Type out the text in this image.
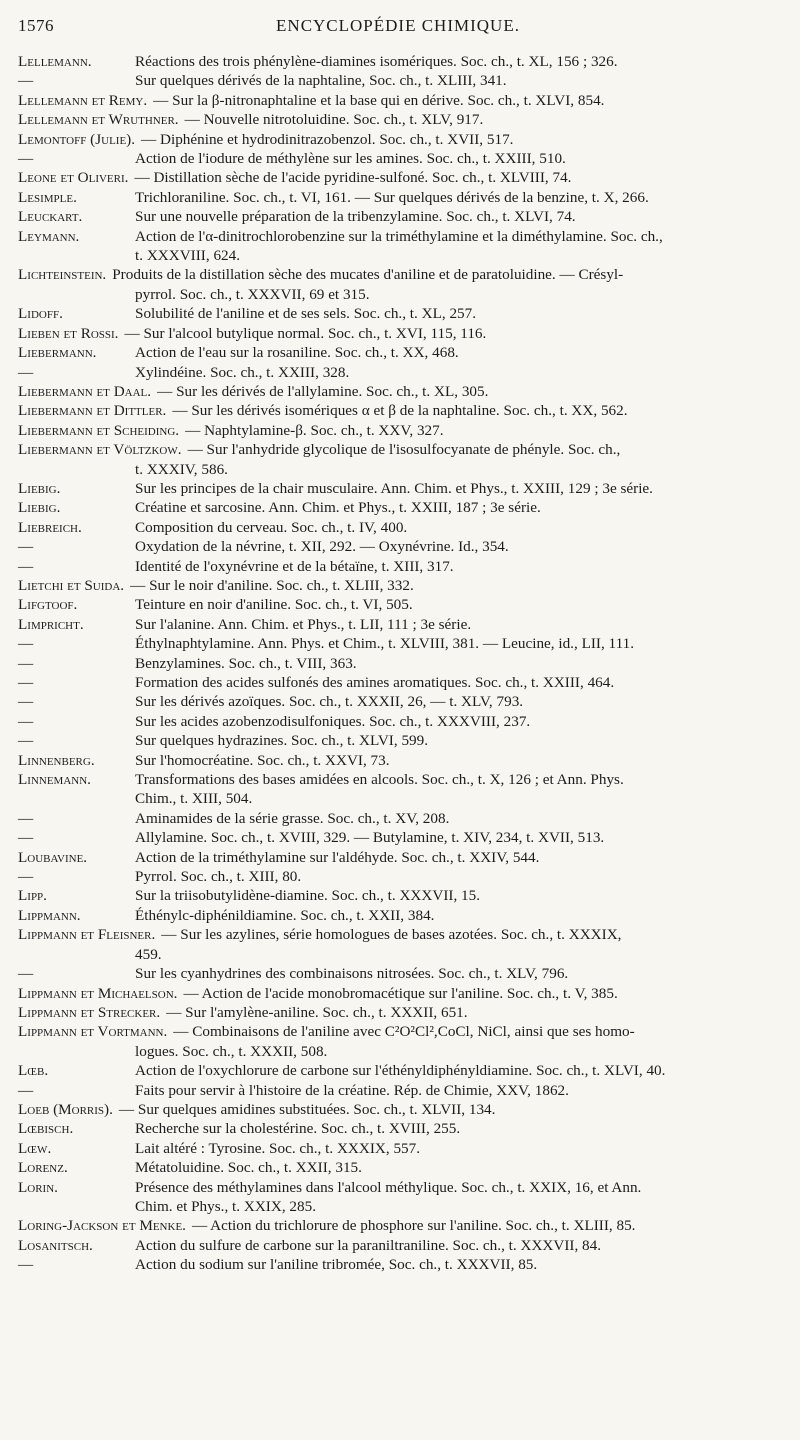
1576	ENCYCLOPÉDIE CHIMIQUE.
Lellemann.	Réactions des trois phénylène-diamines isomériques. Soc. ch., t. XL, 156 ; 326.
—	Sur quelques dérivés de la naphtaline, Soc. ch., t. XLIII, 341.
Lellemann et Remy. — Sur la β-nitronaphtaline et la base qui en dérive. Soc. ch., t. XLVI, 854.
Lellemann et Wruthner. — Nouvelle nitrotoluidine. Soc. ch., t. XLV, 917.
Lemontoff (Julie). — Diphénine et hydrodinitrazobenzol. Soc. ch., t. XVII, 517.
—	Action de l'iodure de méthylène sur les amines. Soc. ch., t. XXIII, 510.
Leone et Oliveri. — Distillation sèche de l'acide pyridine-sulfoné. Soc. ch., t. XLVIII, 74.
Lesimple.	Trichloraniline. Soc. ch., t. VI, 161. — Sur quelques dérivés de la benzine, t. X, 266.
Leuckart.	Sur une nouvelle préparation de la tribenzylamine. Soc. ch., t. XLVI, 74.
Leymann.	Action de l'α-dinitrochlorobenzine sur la triméthylamine et la diméthylamine. Soc. ch.,
t. XXXVIII, 624.
Lichteinstein. Produits de la distillation sèche des mucates d'aniline et de paratoluidine. — Crésyl-
pyrrol. Soc. ch., t. XXXVII, 69 et 315.
Lidoff.	Solubilité de l'aniline et de ses sels. Soc. ch., t. XL, 257.
Lieben et Rossi. — Sur l'alcool butylique normal. Soc. ch., t. XVI, 115, 116.
Liebermann.	Action de l'eau sur la rosaniline. Soc. ch., t. XX, 468.
—	Xylindéine. Soc. ch., t. XXIII, 328.
Liebermann et Daal. — Sur les dérivés de l'allylamine. Soc. ch., t. XL, 305.
Liebermann et Dittler. — Sur les dérivés isomériques α et β de la naphtaline. Soc. ch., t. XX, 562.
Liebermann et Scheiding. — Naphtylamine-β. Soc. ch., t. XXV, 327.
Liebermann et Völtzkow. — Sur l'anhydride glycolique de l'isosulfocyanate de phényle. Soc. ch.,
t. XXXIV, 586.
Liebig.	Sur les principes de la chair musculaire. Ann. Chim. et Phys., t. XXIII, 129 ; 3e série.
Liebig.	Créatine et sarcosine. Ann. Chim. et Phys., t. XXIII, 187 ; 3e série.
Liebreich.	Composition du cerveau. Soc. ch., t. IV, 400.
—	Oxydation de la névrine, t. XII, 292. — Oxynévrine. Id., 354.
—	Identité de l'oxynévrine et de la bétaïne, t. XIII, 317.
Lietchi et Suida. — Sur le noir d'aniline. Soc. ch., t. XLIII, 332.
Lifgtoof.	Teinture en noir d'aniline. Soc. ch., t. VI, 505.
Limpricht.	Sur l'alanine. Ann. Chim. et Phys., t. LII, 111 ; 3e série.
—	Éthylnaphtylamine. Ann. Phys. et Chim., t. XLVIII, 381. — Leucine, id., LII, 111.
—	Benzylamines. Soc. ch., t. VIII, 363.
—	Formation des acides sulfonés des amines aromatiques. Soc. ch., t. XXIII, 464.
—	Sur les dérivés azoïques. Soc. ch., t. XXXII, 26, — t. XLV, 793.
—	Sur les acides azobenzodisulfoniques. Soc. ch., t. XXXVIII, 237.
—	Sur quelques hydrazines. Soc. ch., t. XLVI, 599.
Linnenberg.	Sur l'homocréatine. Soc. ch., t. XXVI, 73.
Linnemann.	Transformations des bases amidées en alcools. Soc. ch., t. X, 126 ; et Ann. Phys.
Chim., t. XIII, 504.
—	Aminamides de la série grasse. Soc. ch., t. XV, 208.
—	Allylamine. Soc. ch., t. XVIII, 329. — Butylamine, t. XIV, 234, t. XVII, 513.
Loubavine.	Action de la triméthylamine sur l'aldéhyde. Soc. ch., t. XXIV, 544.
—	Pyrrol. Soc. ch., t. XIII, 80.
Lipp.	Sur la triisobutylidène-diamine. Soc. ch., t. XXXVII, 15.
Lippmann.	Éthénylc-diphénildiamine. Soc. ch., t. XXII, 384.
Lippmann et Fleisner. — Sur les azylines, série homologues de bases azotées. Soc. ch., t. XXXIX,
459.
—	Sur les cyanhydrines des combinaisons nitrosées. Soc. ch., t. XLV, 796.
Lippmann et Michaelson. — Action de l'acide monobromacétique sur l'aniline. Soc. ch., t. V, 385.
Lippmann et Strecker. — Sur l'amylène-aniline. Soc. ch., t. XXXII, 651.
Lippmann et Vortmann. — Combinaisons de l'aniline avec C²O²Cl²,CoCl, NiCl, ainsi que ses homo-
logues. Soc. ch., t. XXXII, 508.
Lœb.	Action de l'oxychlorure de carbone sur l'éthényldiphényldiamine. Soc. ch., t. XLVI, 40.
—	Faits pour servir à l'histoire de la créatine. Rép. de Chimie, XXV, 1862.
Loeb (Morris). — Sur quelques amidines substituées. Soc. ch., t. XLVII, 134.
Lœbisch.	Recherche sur la cholestérine. Soc. ch., t. XVIII, 255.
Lœw.	Lait altéré : Tyrosine. Soc. ch., t. XXXIX, 557.
Lorenz.	Métatoluidine. Soc. ch., t. XXII, 315.
Lorin.	Présence des méthylamines dans l'alcool méthylique. Soc. ch., t. XXIX, 16, et Ann.
Chim. et Phys., t. XXIX, 285.
Loring-Jackson et Menke. — Action du trichlorure de phosphore sur l'aniline. Soc. ch., t. XLIII, 85.
Losanitsch.	Action du sulfure de carbone sur la paraniltraniline. Soc. ch., t. XXXVII, 84.
—	Action du sodium sur l'aniline tribromée, Soc. ch., t. XXXVII, 85.
